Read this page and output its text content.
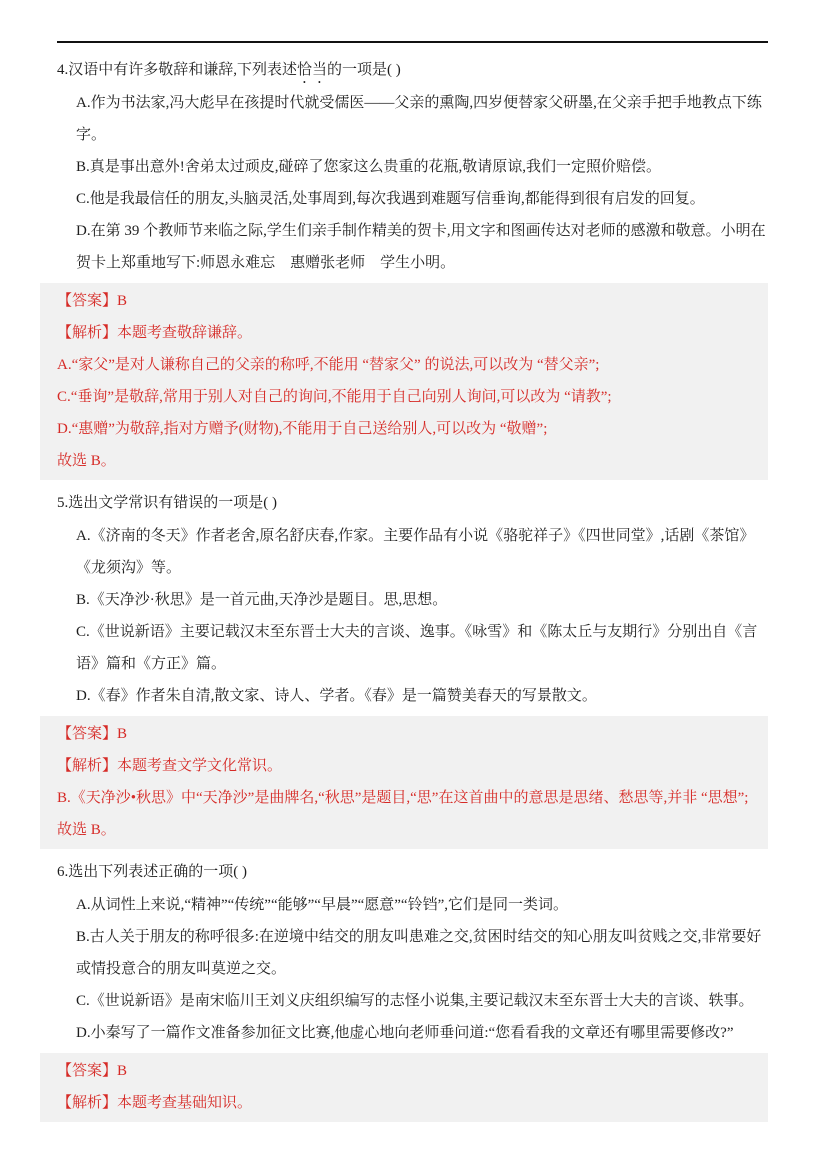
4.汉语中有许多敬辞和谦辞,下列表述恰当的一项是( )

A.作为书法家,冯大彪早在孩提时代就受儒医——父亲的熏陶,四岁便替家父研墨,在父亲手把手地教点下练字。

B.真是事出意外!舍弟太过顽皮,碰碎了您家这么贵重的花瓶,敬请原谅,我们一定照价赔偿。

C.他是我最信任的朋友,头脑灵活,处事周到,每次我遇到难题写信垂询,都能得到很有启发的回复。

D.在第 39 个教师节来临之际,学生们亲手制作精美的贺卡,用文字和图画传达对老师的感激和敬意。小明在贺卡上郑重地写下:师恩永难忘　惠赠张老师　学生小明。

【答案】B

【解析】本题考查敬辞谦辞。

A.“家父”是对人谦称自己的父亲的称呼,不能用 “替家父” 的说法,可以改为 “替父亲”;

C.“垂询”是敬辞,常用于别人对自己的询问,不能用于自己向别人询问,可以改为 “请教”;

D.“惠赠”为敬辞,指对方赠予(财物),不能用于自己送给别人,可以改为 “敬赠”;

故选 B。

5.选出文学常识有错误的一项是( )

A.《济南的冬天》作者老舍,原名舒庆春,作家。主要作品有小说《骆驼祥子》《四世同堂》,话剧《茶馆》《龙须沟》等。

B.《天净沙·秋思》是一首元曲,天净沙是题目。思,思想。

C.《世说新语》主要记载汉末至东晋士大夫的言谈、逸事。《咏雪》和《陈太丘与友期行》分别出自《言语》篇和《方正》篇。

D.《春》作者朱自清,散文家、诗人、学者。《春》是一篇赞美春天的写景散文。

【答案】B

【解析】本题考查文学文化常识。

B.《天净沙•秋思》中“天净沙”是曲牌名,“秋思”是题目,“思”在这首曲中的意思是思绪、愁思等,并非 “思想”;

故选 B。

6.选出下列表述正确的一项( )

A.从词性上来说,“精神”“传统”“能够”“早晨”“愿意”“铃铛”,它们是同一类词。

B.古人关于朋友的称呼很多:在逆境中结交的朋友叫患难之交,贫困时结交的知心朋友叫贫贱之交,非常要好或情投意合的朋友叫莫逆之交。

C.《世说新语》是南宋临川王刘义庆组织编写的志怪小说集,主要记载汉末至东晋士大夫的言谈、轶事。

D.小秦写了一篇作文准备参加征文比赛,他虚心地向老师垂问道:“您看看我的文章还有哪里需要修改?”

【答案】B

【解析】本题考查基础知识。
